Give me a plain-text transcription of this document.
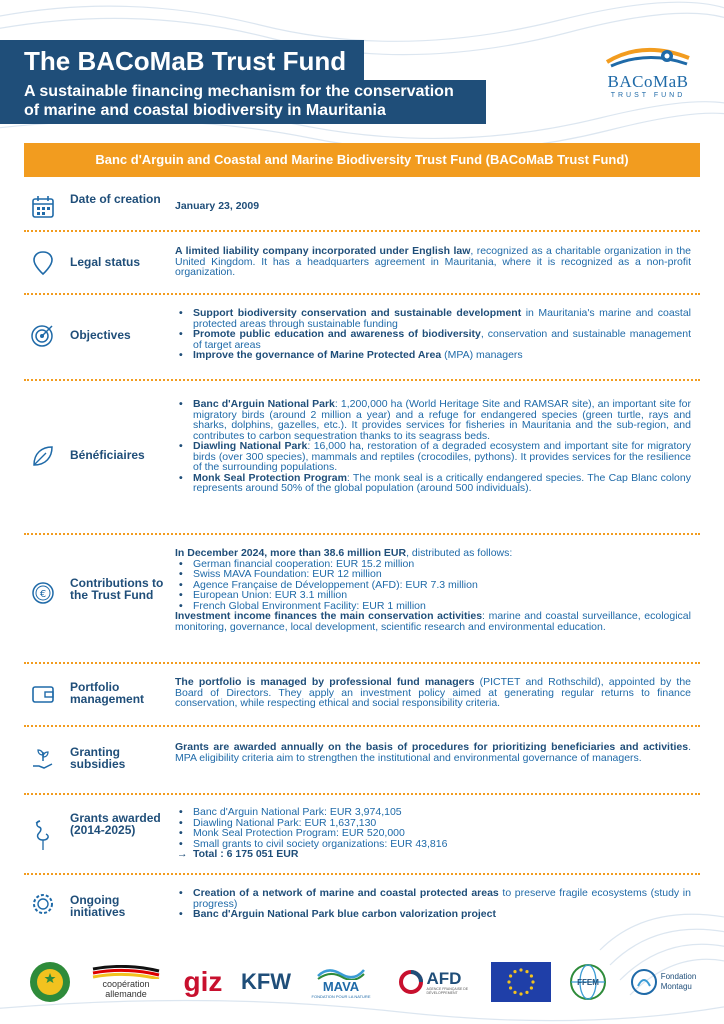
The BACoMaB Trust Fund
A sustainable financing mechanism for the conservation of marine and coastal biodiversity in Mauritania
BACoMaB
TRUST FUND
Banc d'Arguin and Coastal and Marine Biodiversity Trust Fund (BACoMaB Trust Fund)
Date of creation	January 23, 2009
Legal status
A limited liability company incorporated under English law, recognized as a charitable organization in the United Kingdom. It has a headquarters agreement in Mauritania, where it is recognized as a non-profit organization.
Objectives
• Support biodiversity conservation and sustainable development in Mauritania's marine and coastal protected areas through sustainable funding
• Promote public education and awareness of biodiversity, conservation and sustainable management of target areas
• Improve the governance of Marine Protected Area (MPA) managers
Bénéficiaires
• Banc d'Arguin National Park: 1,200,000 ha (World Heritage Site and RAMSAR site), an important site for migratory birds (around 2 million a year) and a refuge for endangered species (green turtle, rays and sharks, dolphins, gazelles, etc.). It provides services for fisheries in Mauritania and the sub-region, and contributes to carbon sequestration thanks to its seagrass beds.
• Diawling National Park: 16,000 ha, restoration of a degraded ecosystem and important site for migratory birds (over 300 species), mammals and reptiles (crocodiles, pythons). It provides services for the resilience of the surrounding populations.
• Monk Seal Protection Program: The monk seal is a critically endangered species. The Cap Blanc colony represents around 50% of the global population (around 500 individuals).
€
Contributions to the Trust Fund
In December 2024, more than 38.6 million EUR, distributed as follows:
• German financial cooperation: EUR 15.2 million
• Swiss MAVA Foundation: EUR 12 million
• Agence Française de Développement (AFD): EUR 7.3 million
• European Union: EUR 3.1 million
• French Global Environment Facility: EUR 1 million
Investment income finances the main conservation activities: marine and coastal surveillance, ecological monitoring, governance, local development, scientific research and environmental education.
Portfolio management
The portfolio is managed by professional fund managers (PICTET and Rothschild), appointed by the Board of Directors. They apply an investment policy aimed at generating regular returns to finance conservation, while respecting ethical and social responsibility criteria.
Granting subsidies
Grants are awarded annually on the basis of procedures for prioritizing beneficiaries and activities. MPA eligibility criteria aim to strengthen the institutional and environmental governance of managers.
Grants awarded (2014-2025)
• Banc d'Arguin National Park: EUR 3,974,105
• Diawling National Park: EUR 1,637,130
• Monk Seal Protection Program: EUR 520,000
• Small grants to civil society organizations: EUR 43,816
→ Total : 6 175 051 EUR
Ongoing initiatives
• Creation of a network of marine and coastal protected areas to preserve fragile ecosystems (study in progress)
• Banc d'Arguin National Park blue carbon valorization project
coopération
allemande giz KFW MAVA
FONDATION POUR LA NATURE
AFD
AGENCE FRANÇAISE DE DÉVELOPPEMENT
FFEM
Fondation
Montagu
